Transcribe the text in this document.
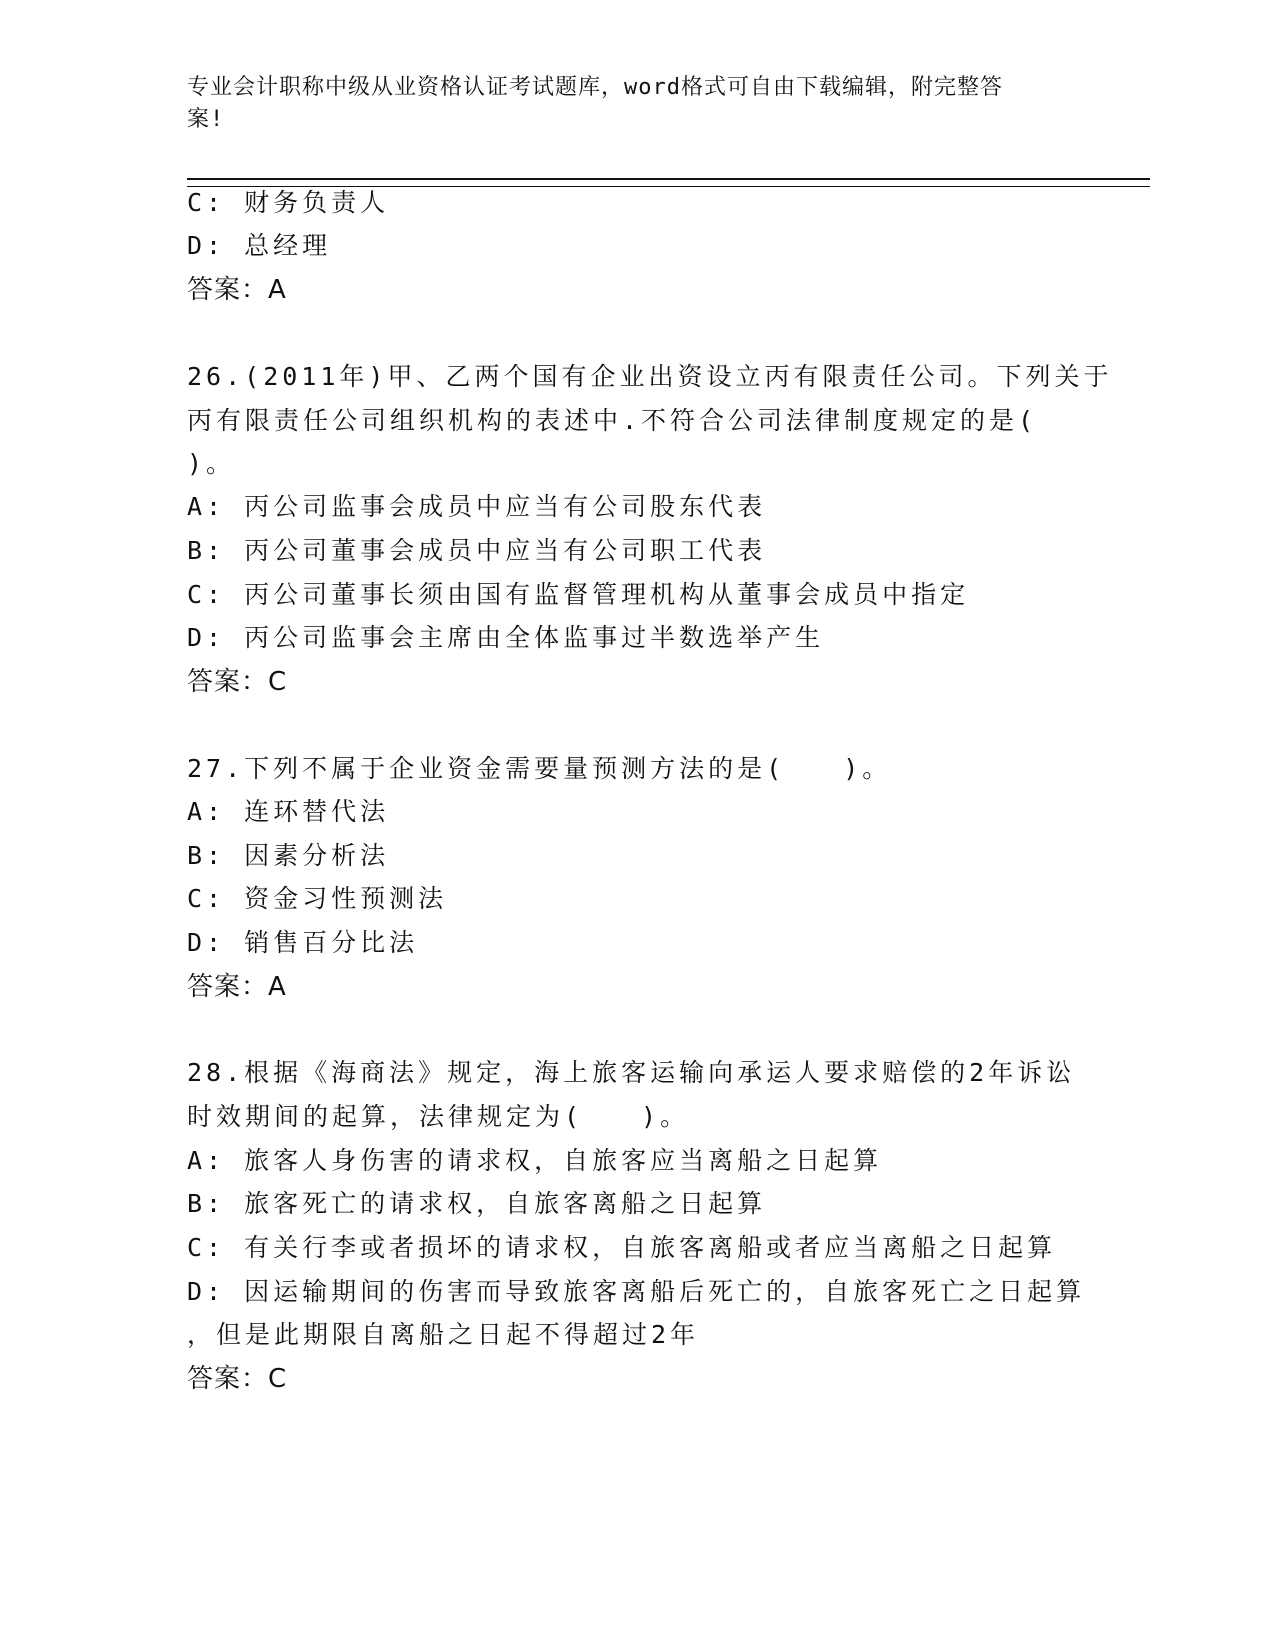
专业会计职称中级从业资格认证考试题库，word格式可自由下载编辑，附完整答
案!
C: 财务负责人
D: 总经理
答案：A
26.(2011年)甲、乙两个国有企业出资设立丙有限责任公司。下列关于
丙有限责任公司组织机构的表述中.不符合公司法律制度规定的是(
)。
A: 丙公司监事会成员中应当有公司股东代表
B: 丙公司董事会成员中应当有公司职工代表
C: 丙公司董事长须由国有监督管理机构从董事会成员中指定
D: 丙公司监事会主席由全体监事过半数选举产生
答案：C
27.下列不属于企业资金需要量预测方法的是(　　)。
A: 连环替代法
B: 因素分析法
C: 资金习性预测法
D: 销售百分比法
答案：A
28.根据《海商法》规定，海上旅客运输向承运人要求赔偿的2年诉讼
时效期间的起算，法律规定为(　　)。
A: 旅客人身伤害的请求权，自旅客应当离船之日起算
B: 旅客死亡的请求权，自旅客离船之日起算
C: 有关行李或者损坏的请求权，自旅客离船或者应当离船之日起算
D: 因运输期间的伤害而导致旅客离船后死亡的，自旅客死亡之日起算
，但是此期限自离船之日起不得超过2年
答案：C
